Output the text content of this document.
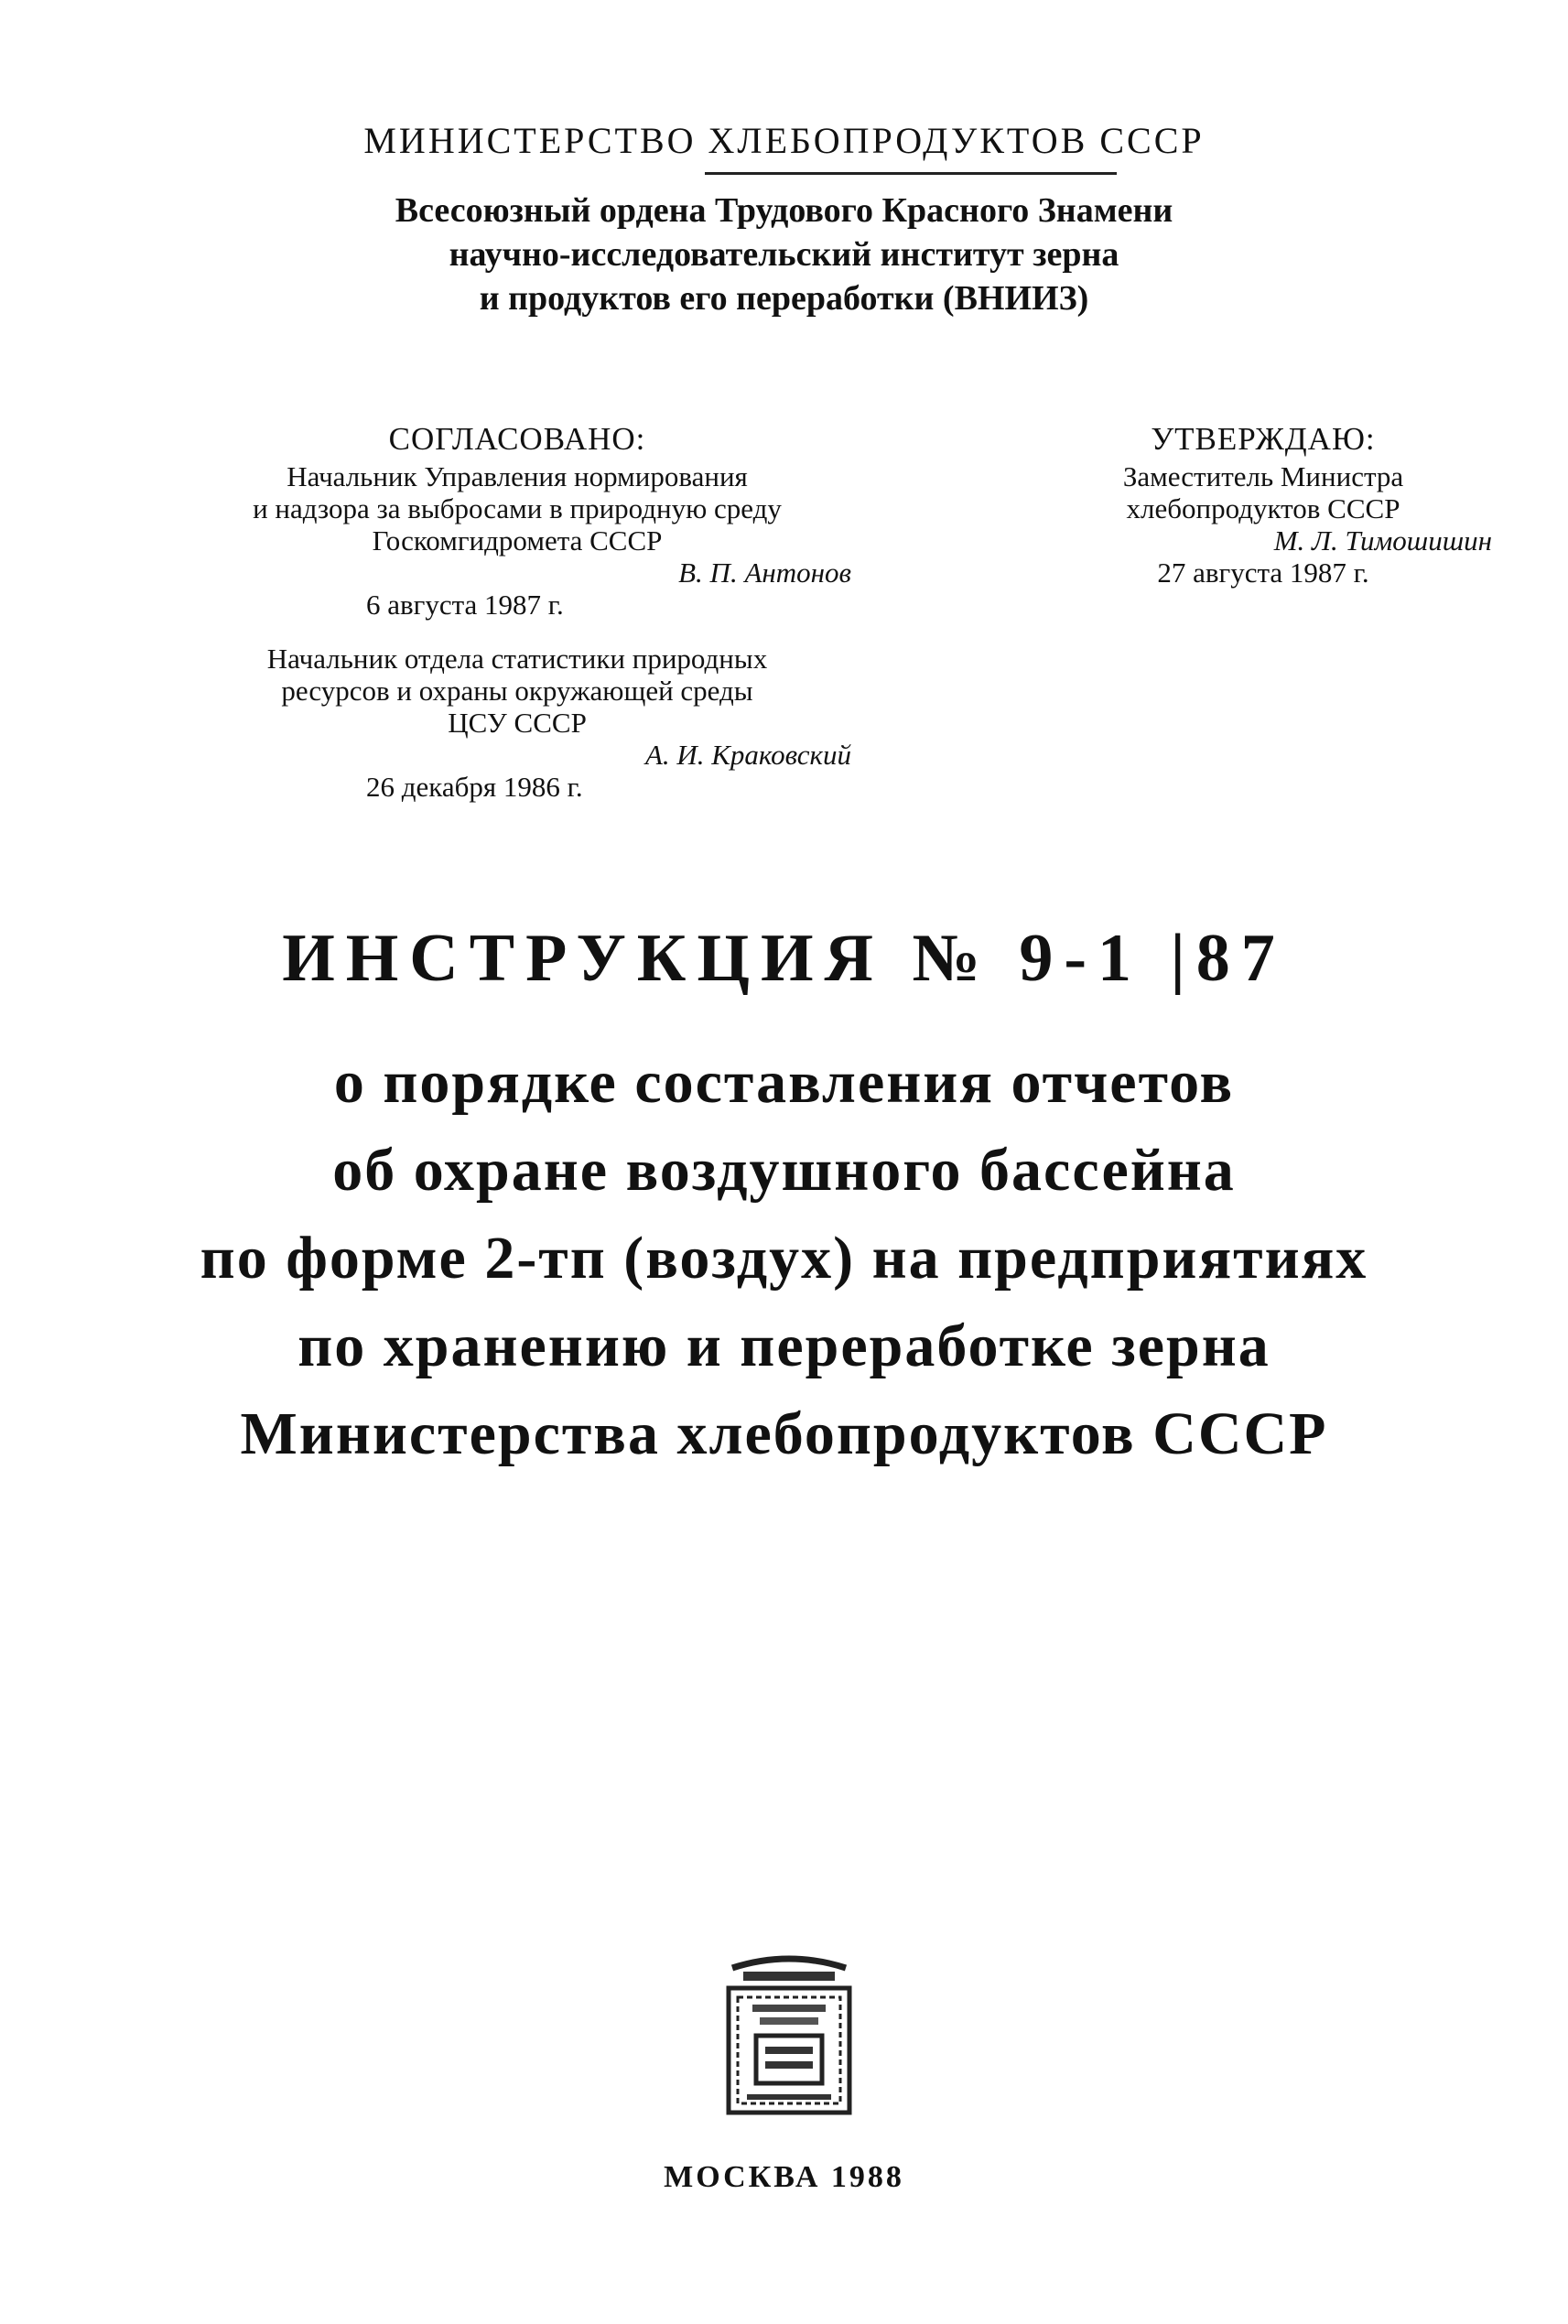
МИНИСТЕРСТВО ХЛЕБОПРОДУКТОВ СССР
Всесоюзный ордена Трудового Красного Знамени
научно-исследовательский институт зерна
и продуктов его переработки (ВНИИЗ)
СОГЛАСОВАНО:
Начальник Управления нормирования
и надзора за выбросами в природную среду
Госкомгидромета СССР
В. П. Антонов
6 августа 1987 г.
Начальник отдела статистики природных
ресурсов и охраны окружающей среды
ЦСУ СССР
А. И. Краковский
26 декабря 1986 г.
УТВЕРЖДАЮ:
Заместитель Министра
хлебопродуктов СССР
М. Л. Тимошишин
27 августа 1987 г.
ИНСТРУКЦИЯ № 9-1 |87
о порядке составления отчетов
об охране воздушного бассейна
по форме 2-тп (воздух) на предприятиях
по хранению и переработке зерна
Министерства хлебопродуктов СССР
МОСКВА 1988
